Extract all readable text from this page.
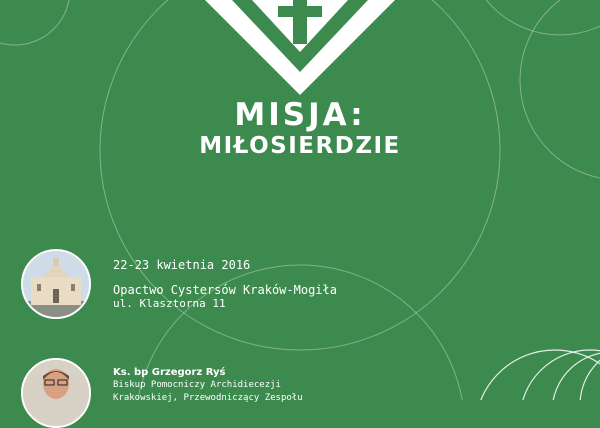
MISJA:
MIŁOSIERDZIE
22-23 kwietnia 2016
Opactwo Cystersów Kraków-Mogiła
ul. Klasztorna 11
Ks. bp Grzegorz Ryś
Biskup Pomocniczy Archidiecezji
Krakowskiej, Przewodniczący Zespołu
